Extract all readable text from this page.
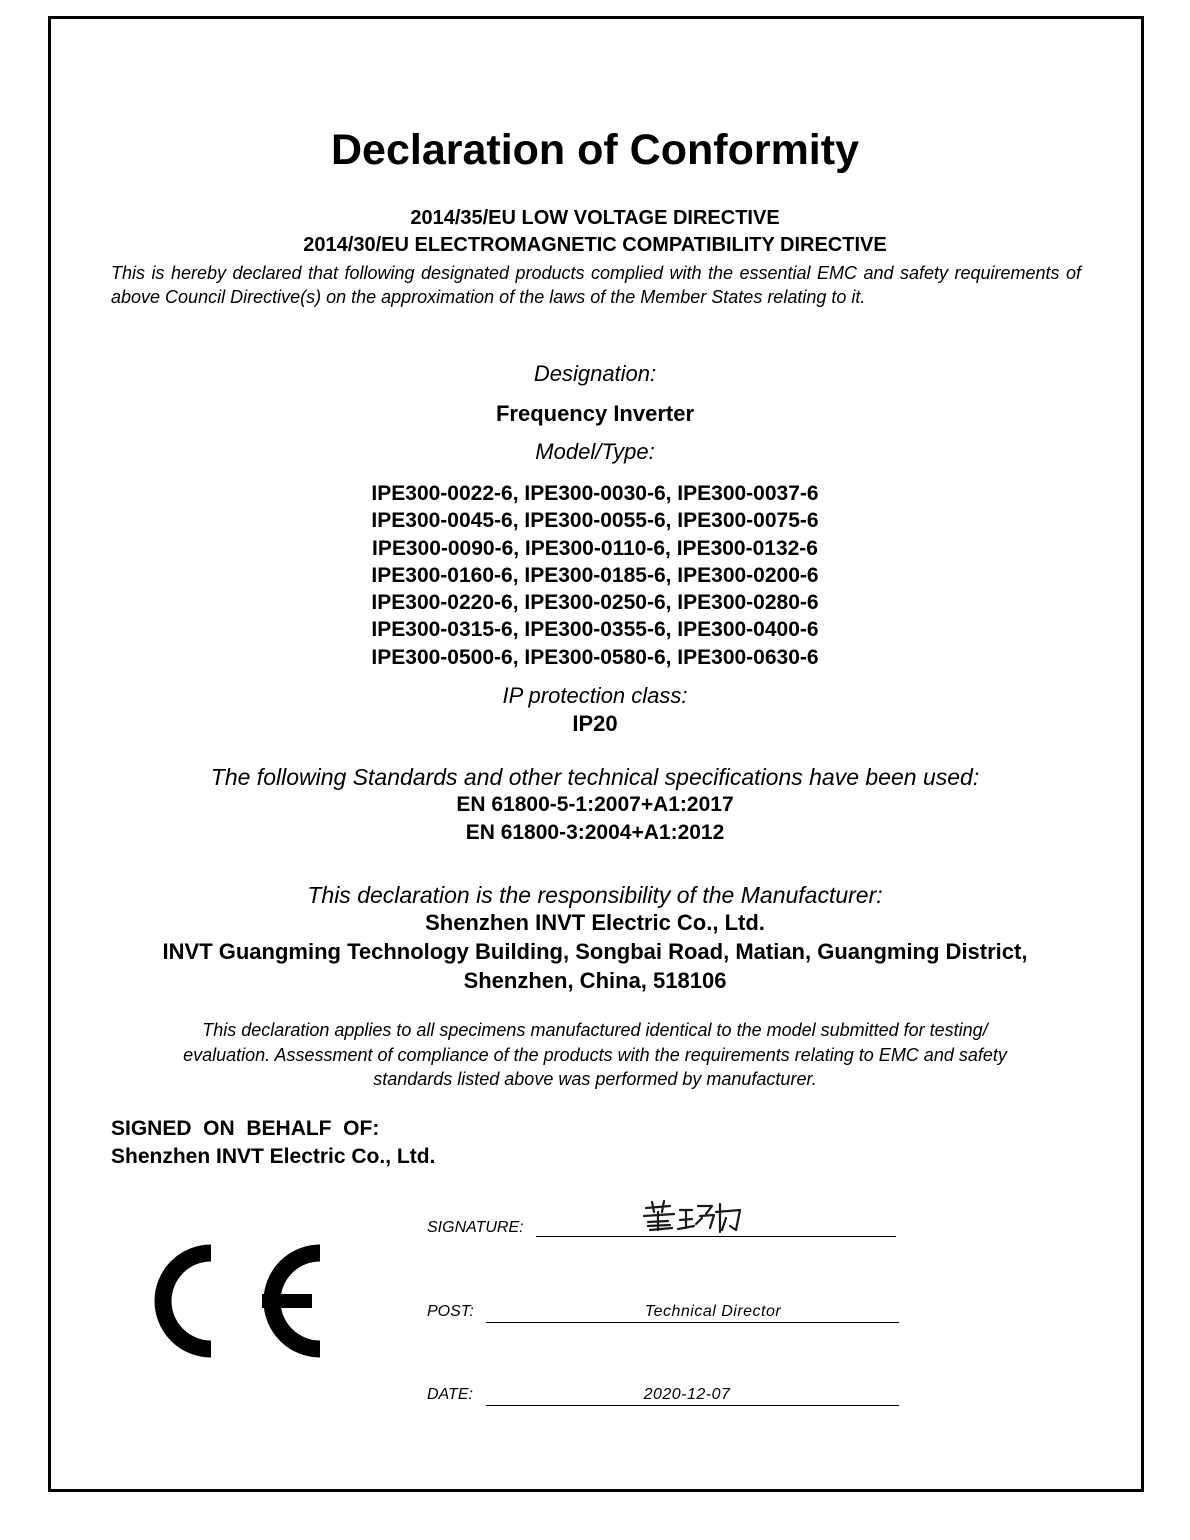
Declaration of Conformity
2014/35/EU LOW VOLTAGE DIRECTIVE
2014/30/EU ELECTROMAGNETIC COMPATIBILITY DIRECTIVE
This is hereby declared that following designated products complied with the essential EMC and safety requirements of above Council Directive(s) on the approximation of the laws of the Member States relating to it.
Designation:
Frequency Inverter
Model/Type:
IPE300-0022-6, IPE300-0030-6, IPE300-0037-6
IPE300-0045-6, IPE300-0055-6, IPE300-0075-6
IPE300-0090-6, IPE300-0110-6, IPE300-0132-6
IPE300-0160-6, IPE300-0185-6, IPE300-0200-6
IPE300-0220-6, IPE300-0250-6, IPE300-0280-6
IPE300-0315-6, IPE300-0355-6, IPE300-0400-6
IPE300-0500-6, IPE300-0580-6, IPE300-0630-6
IP protection class:
IP20
The following Standards and other technical specifications have been used:
EN 61800-5-1:2007+A1:2017
EN 61800-3:2004+A1:2012
This declaration is the responsibility of the Manufacturer:
Shenzhen INVT Electric Co., Ltd.
INVT Guangming Technology Building, Songbai Road, Matian, Guangming District,
Shenzhen, China, 518106
This declaration applies to all specimens manufactured identical to the model submitted for testing/
evaluation. Assessment of compliance of the products with the requirements relating to EMC and safety
standards listed above was performed by manufacturer.
SIGNED  ON  BEHALF  OF:
Shenzhen INVT Electric Co., Ltd.
SIGNATURE:
POST:	Technical Director
DATE:	2020-12-07
